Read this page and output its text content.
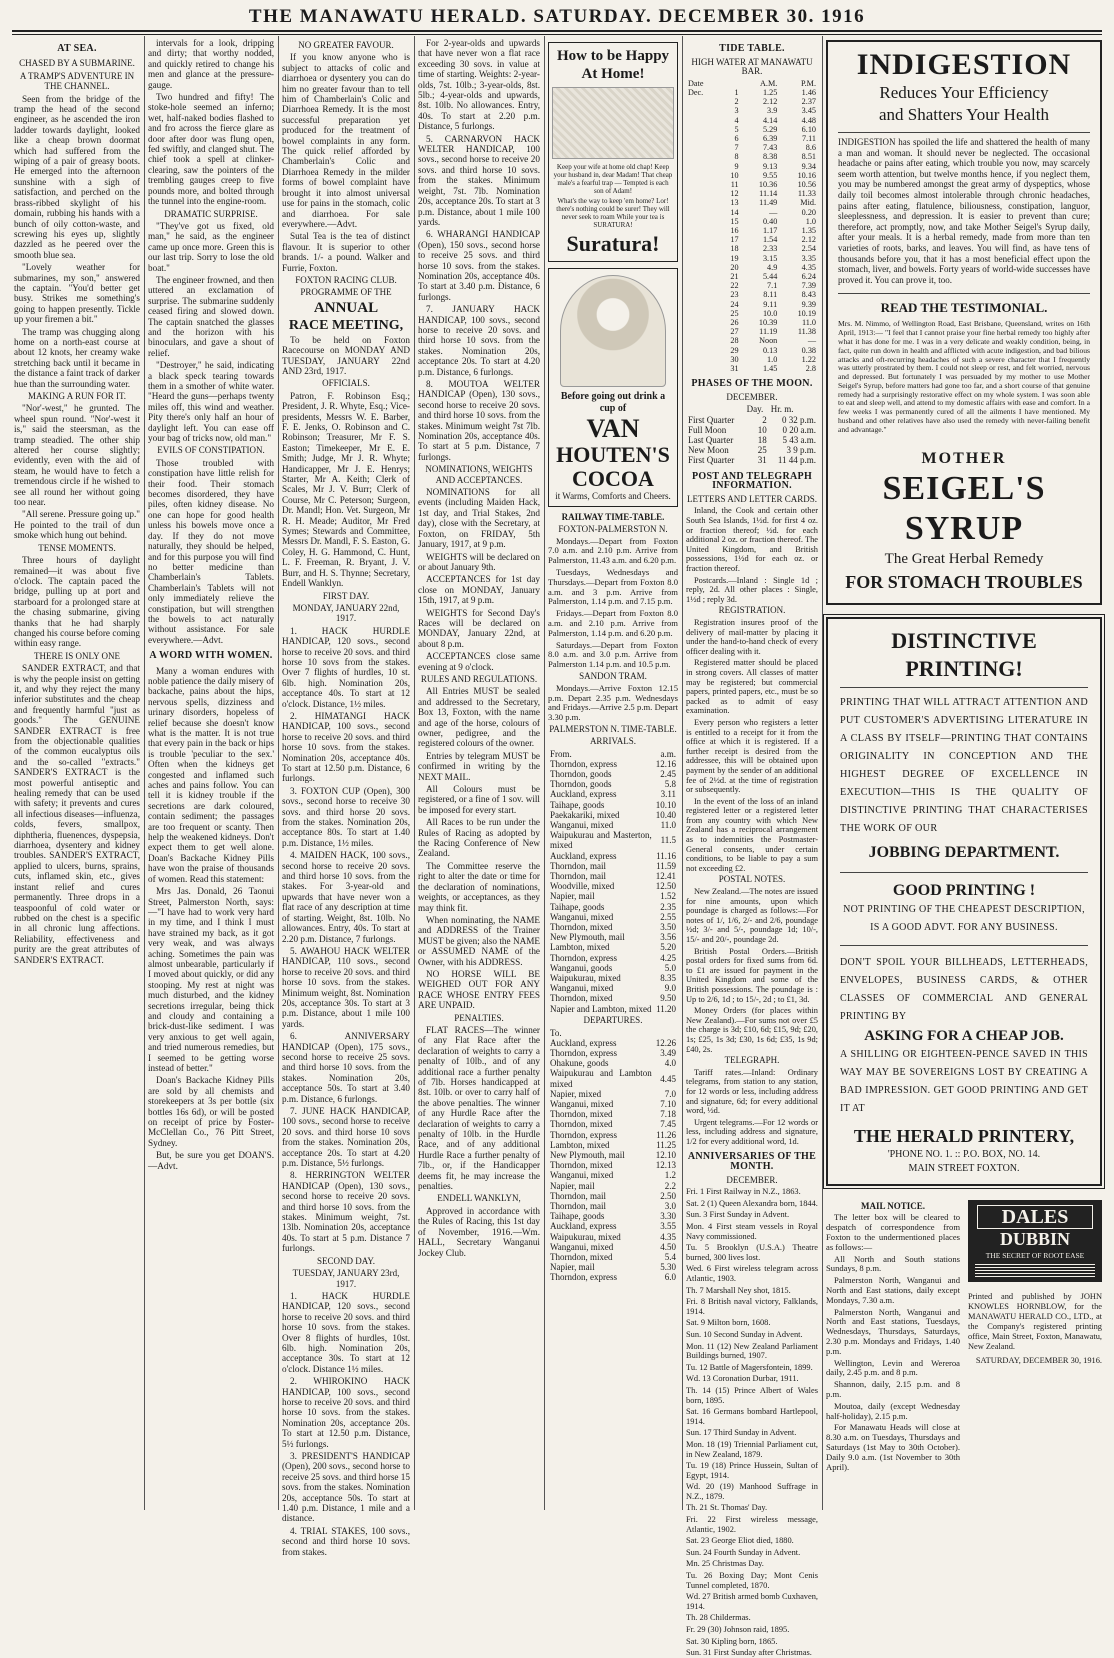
THE MANAWATU HERALD. SATURDAY. DECEMBER 30. 1916

AT SEA.

CHASED BY A SUBMARINE.

A TRAMP'S ADVENTURE IN THE CHANNEL.

Seen from the bridge of the tramp the head of the second engineer, as he ascended the iron ladder towards daylight, looked like a cheap brown doormat which had suffered from the wiping of a pair of greasy boots. He emerged into the afternoon sunshine with a sigh of satisfaction, and perched on the brass-ribbed skylight of his domain, rubbing his hands with a bunch of oily cotton-waste, and screwing his eyes up, slightly dazzled as he peered over the smooth blue sea.

"Lovely weather for submarines, my son," answered the captain. "You'd better get busy. Strikes me something's going to happen presently. Tickle up your firemen a bit."

The tramp was chugging along home on a north-east course at about 12 knots, her creamy wake stretching back until it became in the distance a faint track of darker hue than the surrounding water.

MAKING A RUN FOR IT.

"Nor'-west," he grunted. The wheel spun round. "Nor'-west it is," said the steersman, as the tramp steadied. The other ship altered her course slightly; evidently, even with the aid of steam, he would have to fetch a tremendous circle if he wished to see all round her without going too near.

"All serene. Pressure going up." He pointed to the trail of dun smoke which hung out behind.

TENSE MOMENTS.

Three hours of daylight remained—it was about five o'clock. The captain paced the bridge, pulling up at port and starboard for a prolonged stare at the chasing submarine, giving thanks that he had sharply changed his course before coming within easy range.

THERE IS ONLY ONE

SANDER EXTRACT, and that is why the people insist on getting it, and why they reject the many inferior substitutes and the cheap and frequently harmful "just as goods." The GENUINE SANDER EXTRACT is free from the objectionable qualities of the common eucalyptus oils and the so-called "extracts." SANDER'S EXTRACT is the most powerful antiseptic and healing remedy that can be used with safety; it prevents and cures all infectious diseases—influenza, colds, fevers, smallpox, diphtheria, fluenences, dyspepsia, diarrhoea, dysentery and kidney troubles. SANDER'S EXTRACT, applied to ulcers, burns, sprains, cuts, inflamed skin, etc., gives instant relief and cures permanently. Three drops in a teaspoonful of cold water or rubbed on the chest is a specific in all chronic lung affections. Reliability, effectiveness and purity are the great attributes of SANDER'S EXTRACT.

intervals for a look, dripping and dirty; that worthy nodded, and quickly retired to change his men and glance at the pressure-gauge.

Two hundred and fifty! The stoke-hole seemed an inferno; wet, half-naked bodies flashed to and fro across the fierce glare as door after door was flung open, fed swiftly, and clanged shut. The chief took a spell at clinker-clearing, saw the pointers of the trembling gauges creep to five pounds more, and bolted through the tunnel into the engine-room.

DRAMATIC SURPRISE.

"They've got us fixed, old man," he said, as the engineer came up once more. Green this is our last trip. Sorry to lose the old boat."

The engineer frowned, and then uttered an exclamation of surprise. The submarine suddenly ceased firing and slowed down. The captain snatched the glasses and the horizon with his binoculars, and gave a shout of relief.

"Destroyer," he said, indicating a black speck tearing towards them in a smother of white water. "Heard the guns—perhaps twenty miles off, this wind and weather. Pity there's only half an hour of daylight left. You can ease off your bag of tricks now, old man."

EVILS OF CONSTIPATION.

Those troubled with constipation have little relish for their food. Their stomach becomes disordered, they have piles, often kidney disease. No one can hope for good health unless his bowels move once a day. If they do not move naturally, they should be helped, and for this purpose you will find no better medicine than Chamberlain's Tablets. Chamberlain's Tablets will not only immediately relieve the constipation, but will strengthen the bowels to act naturally without assistance. For sale everywhere.—Advt.

A WORD WITH WOMEN.

Many a woman endures with noble patience the daily misery of backache, pains about the hips, nervous spells, dizziness and urinary disorders, hopeless of relief because she doesn't know what is the matter. It is not true that every pain in the back or hips is trouble 'peculiar to the sex.' Often when the kidneys get congested and inflamed such aches and pains follow. You can tell it is kidney trouble if the secretions are dark coloured, contain sediment; the passages are too frequent or scanty. Then help the weakened kidneys. Don't expect them to get well alone. Doan's Backache Kidney Pills have won the praise of thousands of women. Read this statement:

Mrs Jas. Donald, 26 Taonui Street, Palmerston North, says:—"I have had to work very hard in my time, and I think I must have strained my back, as it got very weak, and was always aching. Sometimes the pain was almost unbearable, particularly if I moved about quickly, or did any stooping. My rest at night was much disturbed, and the kidney secretions irregular, being thick and cloudy and containing a brick-dust-like sediment. I was very anxious to get well again, and tried numerous remedies, but I seemed to be getting worse instead of better."

Doan's Backache Kidney Pills are sold by all chemists and storekeepers at 3s per bottle (six bottles 16s 6d), or will be posted on receipt of price by Foster-McClellan Co., 76 Pitt Street, Sydney.

But, be sure you get DOAN'S.—Advt.

NO GREATER FAVOUR.

If you know anyone who is subject to attacks of colic and diarrhoea or dysentery you can do him no greater favour than to tell him of Chamberlain's Colic and Diarrhoea Remedy. It is the most successful preparation yet produced for the treatment of bowel complaints in any form. The quick relief afforded by Chamberlain's Colic and Diarrhoea Remedy in the milder forms of bowel complaint have brought it into almost universal use for pains in the stomach, colic and diarrhoea. For sale everywhere.—Advt.

Sutal Tea is the tea of distinct flavour. It is superior to other brands. 1/- a pound. Walker and Furrie, Foxton.

FOXTON RACING CLUB.

PROGRAMME OF THE

ANNUAL

RACE MEETING,

To be held on Foxton Racecourse on MONDAY AND TUESDAY, JANUARY 22nd AND 23rd, 1917.

OFFICIALS.

Patron, F. Robinson Esq.; President, J. R. Whyte, Esq.; Vice-presidents, Messrs W. E. Barber, F. E. Jenks, O. Robinson and C. Robinson; Treasurer, Mr F. S. Easton; Timekeeper, Mr E. E. Smith; Judge, Mr J. R. Whyte; Handicapper, Mr J. E. Henrys; Starter, Mr A. Keith; Clerk of Scales, Mr J. V. Burr; Clerk of Course, Mr C. Peterson; Surgeon, Dr. Mandl; Hon. Vet. Surgeon, Mr R. H. Meade; Auditor, Mr Fred Symes; Stewards and Committee, Messrs Dr. Mandl, F. S. Easton, G. Coley, H. G. Hammond, C. Hunt, L. F. Freeman, R. Bryant, J. V. Burr, and H. S. Thynne; Secretary, Endell Wanklyn.

FIRST DAY.

MONDAY, JANUARY 22nd, 1917.

1. HACK HURDLE HANDICAP, 120 sovs., second horse to receive 20 sovs. and third horse 10 sovs from the stakes. Over 7 flights of hurdles, 10 st. 6lb. high. Nomination 20s, acceptance 40s. To start at 12 o'clock. Distance, 1½ miles.

2. HIMATANGI HACK HANDICAP, 100 sovs., second horse to receive 20 sovs. and third horse 10 sovs. from the stakes. Nomination 20s, acceptance 40s. To start at 12.50 p.m. Distance, 6 furlongs.

3. FOXTON CUP (Open), 300 sovs., second horse to receive 30 sovs. and third horse 20 sovs. from the stakes. Nomination 20s, acceptance 80s. To start at 1.40 p.m. Distance, 1½ miles.

4. MAIDEN HACK, 100 sovs., second horse to receive 20 sovs. and third horse 10 sovs. from the stakes. For 3-year-old and upwards that have never won a flat race of any description at time of starting. Weight, 8st. 10lb. No allowances. Entry, 40s. To start at 2.20 p.m. Distance, 7 furlongs.

5. AWAHOU HACK WELTER HANDICAP, 110 sovs., second horse to receive 20 sovs. and third horse 10 sovs. from the stakes. Minimum weight, 8st. Nomination 20s, acceptance 30s. To start at 3 p.m. Distance, about 1 mile 100 yards.

6. ANNIVERSARY HANDICAP (Open), 175 sovs., second horse to receive 25 sovs. and third horse 10 sovs. from the stakes. Nomination 20s, acceptance 50s. To start at 3.40 p.m. Distance, 6 furlongs.

7. JUNE HACK HANDICAP, 100 sovs., second horse to receive 20 sovs. and third horse 10 sovs from the stakes. Nomination 20s, acceptance 20s. To start at 4.20 p.m. Distance, 5½ furlongs.

8. HERRINGTON WELTER HANDICAP (Open), 130 sovs., second horse to receive 20 sovs. and third horse 10 sovs. from the stakes. Minimum weight, 7st. 13lb. Nomination 20s, acceptance 40s. To start at 5 p.m. Distance 7 furlongs.

SECOND DAY.

TUESDAY, JANUARY 23rd, 1917.

1. HACK HURDLE HANDICAP, 120 sovs., second horse to receive 20 sovs. and third horse 10 sovs. from the stakes. Over 8 flights of hurdles, 10st. 6lb. high. Nomination 20s, acceptance 30s. To start at 12 o'clock. Distance 1½ miles.

2. WHIROKINO HACK HANDICAP, 100 sovs., second horse to receive 20 sovs. and third horse 10 sovs. from the stakes. Nomination 20s, acceptance 20s. To start at 12.50 p.m. Distance, 5½ furlongs.

3. PRESIDENT'S HANDICAP (Open), 200 sovs., second horse to receive 25 sovs. and third horse 15 sovs. from the stakes. Nomination 20s, acceptance 50s. To start at 1.40 p.m. Distance, 1 mile and a distance.

4. TRIAL STAKES, 100 sovs., second and third horse 10 sovs. from stakes.

For 2-year-olds and upwards that have never won a flat race exceeding 30 sovs. in value at time of starting. Weights: 2-year-olds, 7st. 10lb.; 3-year-olds, 8st. 5lb.; 4-year-olds and upwards, 8st. 10lb. No allowances. Entry, 40s. To start at 2.20 p.m. Distance, 5 furlongs.

5. CARNARVON HACK WELTER HANDICAP, 100 sovs., second horse to receive 20 sovs. and third horse 10 sovs. from the stakes. Minimum weight, 7st. 7lb. Nomination 20s, acceptance 20s. To start at 3 p.m. Distance, about 1 mile 100 yards.

6. WHARANGI HANDICAP (Open), 150 sovs., second horse to receive 25 sovs. and third horse 10 sovs. from the stakes. Nomination 20s, acceptance 40s. To start at 3.40 p.m. Distance, 6 furlongs.

7. JANUARY HACK HANDICAP, 100 sovs., second horse to receive 20 sovs. and third horse 10 sovs. from the stakes. Nomination 20s, acceptance 20s. To start at 4.20 p.m. Distance, 6 furlongs.

8. MOUTOA WELTER HANDICAP (Open), 130 sovs., second horse to receive 20 sovs. and third horse 10 sovs. from the stakes. Minimum weight 7st 7lb. Nomination 20s, acceptance 40s. To start at 5 p.m. Distance, 7 furlongs.

NOMINATIONS, WEIGHTS AND ACCEPTANCES.

NOMINATIONS for all events (including Maiden Hack, 1st day, and Trial Stakes, 2nd day), close with the Secretary, at Foxton, on FRIDAY, 5th January, 1917, at 9 p.m.

WEIGHTS will be declared on or about January 9th.

ACCEPTANCES for 1st day close on MONDAY, January 15th, 1917, at 9 p.m.

WEIGHTS for Second Day's Races will be declared on MONDAY, January 22nd, at about 8 p.m.

ACCEPTANCES close same evening at 9 o'clock.

RULES AND REGULATIONS.

All Entries MUST be sealed and addressed to the Secretary, Box 13, Foxton, with the name and age of the horse, colours of owner, pedigree, and the registered colours of the owner.

Entries by telegram MUST be confirmed in writing by the NEXT MAIL.

All Colours must be registered, or a fine of 1 sov. will be imposed for every start.

All Races to be run under the Rules of Racing as adopted by the Racing Conference of New Zealand.

The Committee reserve the right to alter the date or time for the declaration of nominations, weights, or acceptances, as they may think fit.

When nominating, the NAME and ADDRESS of the Trainer MUST be given; also the NAME or ASSUMED NAME of the Owner, with his ADDRESS.

NO HORSE WILL BE WEIGHED OUT FOR ANY RACE WHOSE ENTRY FEES ARE UNPAID.

PENALTIES.

FLAT RACES—The winner of any Flat Race after the declaration of weights to carry a penalty of 10lb., and of any additional race a further penalty of 7lb. Horses handicapped at 8st. 10lb. or over to carry half of the above penalties. The winner of any Hurdle Race after the declaration of weights to carry a penalty of 10lb. in the Hurdle Race, and of any additional Hurdle Race a further penalty of 7lb., or, if the Handicapper deems fit, he may increase the penalties.

ENDELL WANKLYN,

Approved in accordance with the Rules of Racing, this 1st day of November, 1916.—Wm. HALL, Secretary Wanganui Jockey Club.

How to be Happy At Home!
Keep your wife at home old chap! Keep your husband in, dear Madam! That cheap male's a fearful trap — Tempted is each son of Adam!
What's the way to keep 'em home? Lor! there's nothing could be surer! They will never seek to roam While your tea is SURATURA!
Suratura!
Before going out drink a cup of
VAN
HOUTEN'S
COCOA
it Warms, Comforts and Cheers.

RAILWAY TIME-TABLE.

FOXTON-PALMERSTON N.

Mondays.—Depart from Foxton 7.0 a.m. and 2.10 p.m. Arrive from Palmerston, 11.43 a.m. and 6.20 p.m.

Tuesdays, Wednesdays and Thursdays.—Depart from Foxton 8.0 a.m. and 3 p.m. Arrive from Palmerston, 1.14 p.m. and 7.15 p.m.

Fridays.—Depart from Foxton 8.0 a.m. and 2.10 p.m. Arrive from Palmerston, 1.14 p.m. and 6.20 p.m.

Saturdays.—Depart from Foxton 8.0 a.m. and 3.0 p.m. Arrive from Palmerston 1.14 p.m. and 10.5 p.m.

SANDON TRAM.

Mondays.—Arrive Foxton 12.15 p.m. Depart 2.35 p.m. Wednesdays and Fridays.—Arrive 2.5 p.m. Depart 3.30 p.m.

PALMERSTON N. TIME-TABLE.

ARRIVALS.

From.	a.m.
Thorndon, express	12.16
Thorndon, goods	2.45
Thorndon, goods	5.8
Auckland, express	3.11
Taihape, goods	10.10
Paekakariki, mixed	10.40
Wanganui, mixed	11.0
Waipukurau and Masterton, mixed	11.5
Auckland, express	11.16
Thorndon, mail	11.59
Thorndon, mail	12.41
Woodville, mixed	12.50
Napier, mail	1.52
Taihape, goods	2.35
Wanganui, mixed	2.55
Thorndon, mixed	3.50
New Plymouth, mail	3.56
Lambton, mixed	5.20
Thorndon, express	4.25
Wanganui, goods	5.0
Waipukurau, mixed	8.35
Wanganui, mixed	9.0
Thorndon, mixed	9.50
Napier and Lambton, mixed	11.20

DEPARTURES.

To.	
Auckland, express	12.26
Thorndon, express	3.49
Ohakune, goods	4.0
Waipukurau and Lambton mixed	4.45
Napier, mixed	7.0
Wanganui, mixed	7.10
Thorndon, mixed	7.18
Thorndon, mixed	7.45
Thorndon, express	11.26
Lambton, mixed	11.25
New Plymouth, mail	12.10
Thorndon, mixed	12.13
Wanganui, mixed	1.2
Napier, mail	2.2
Thorndon, mail	2.50
Thorndon, mail	3.0
Taihape, goods	3.30
Auckland, express	3.55
Waipukurau, mixed	4.35
Wanganui, mixed	4.50
Thorndon, mixed	5.4
Napier, mail	5.30
Thorndon, express	6.0

TIDE TABLE.

HIGH WATER AT MANAWATU BAR.

Date		A.M.	P.M.
Dec.	1	1.25	1.46
	2	2.12	2.37
	3	3.9	3.45
	4	4.14	4.48
	5	5.29	6.10
	6	6.39	7.11
	7	7.43	8.6
	8	8.38	8.51
	9	9.13	9.34
	10	9.55	10.16
	11	10.36	10.56
	12	11.14	11.33
	13	11.49	Mid.
	14	—	0.20
	15	0.40	1.0
	16	1.17	1.35
	17	1.54	2.12
	18	2.33	2.54
	19	3.15	3.35
	20	4.9	4.35
	21	5.44	6.24
	22	7.1	7.39
	23	8.11	8.43
	24	9.11	9.39
	25	10.0	10.19
	26	10.39	11.0
	27	11.19	11.38
	28	Noon	—
	29	0.13	0.38
	30	1.0	1.22
	31	1.45	2.8

PHASES OF THE MOON.

DECEMBER.

	Day.	Hr. m.
First Quarter	2	0 32 p.m.
Full Moon	10	0 20 a.m.
Last Quarter	18	5 43 a.m.
New Moon	25	3 9 p.m.
First Quarter	31	11 44 p.m.

POST AND TELEGRAPH INFORMATION.

LETTERS AND LETTER CARDS.

Inland, the Cook and certain other South Sea Islands, 1½d. for first 4 oz. or fraction thereof; ½d. for each additional 2 oz. or fraction thereof. The United Kingdom, and British possessions, 1½d for each oz. or fraction thereof.

Postcards.—Inland : Single 1d ; reply, 2d. All other places : Single, 1½d ; reply 3d.

REGISTRATION.

Registration insures proof of the delivery of mail-matter by placing it under the hand-to-hand check of every officer dealing with it.

Registered matter should be placed in strong covers. All classes of matter may be registered; but commercial papers, printed papers, etc., must be so packed as to admit of easy examination.

Every person who registers a letter is entitled to a receipt for it from the office at which it is registered. If a further receipt is desired from the addressee, this will be obtained upon payment by the sender of an additional fee of 2½d. at the time of registration or subsequently.

In the event of the loss of an inland registered letter or a registered letter from any country with which New Zealand has a reciprocal arrangement as to indemnities the Postmaster-General consents, under certain conditions, to be liable to pay a sum not exceeding £2.

POSTAL NOTES.

New Zealand.—The notes are issued for nine amounts, upon which poundage is charged as follows:—For notes of 1/, 1/6, 2/- and 2/6, poundage ½d; 3/- and 5/-, poundage 1d; 10/-, 15/- and 20/-, poundage 2d.

British Postal Orders.—British postal orders for fixed sums from 6d. to £1 are issued for payment in the United Kingdom and some of the British possessions. The poundage is : Up to 2/6, 1d ; to 15/-, 2d ; to £1, 3d.

Money Orders (for places within New Zealand).—For sums not over £5 the charge is 3d; £10, 6d; £15, 9d; £20, 1s; £25, 1s 3d; £30, 1s 6d; £35, 1s 9d; £40, 2s.

TELEGRAPH.

Tariff rates.—Inland: Ordinary telegrams, from station to any station, for 12 words or less, including address and signature, 6d; for every additional word, ½d.

Urgent telegrams.—For 12 words or less, including address and signature, 1/2 for every additional word, 1d.

ANNIVERSARIES OF THE MONTH.

DECEMBER.

Fri. 1 First Railway in N.Z., 1863.

Sat. 2 (1) Queen Alexandra born, 1844.

Sun. 3 First Sunday in Advent.

Mon. 4 First steam vessels in Royal Navy commissioned.

Tu. 5 Brooklyn (U.S.A.) Theatre burned, 300 lives lost.

Wed. 6 First wireless telegram across Atlantic, 1903.

Th. 7 Marshall Ney shot, 1815.

Fri. 8 British naval victory, Falklands, 1914.

Sat. 9 Milton born, 1608.

Sun. 10 Second Sunday in Advent.

Mon. 11 (12) New Zealand Parliament Buildings burned, 1907.

Tu. 12 Battle of Magersfontein, 1899.

Wd. 13 Coronation Durbar, 1911.

Th. 14 (15) Prince Albert of Wales born, 1895.

Sat. 16 Germans bombard Hartlepool, 1914.

Sun. 17 Third Sunday in Advent.

Mon. 18 (19) Triennial Parliament cut, in New Zealand, 1879.

Tu. 19 (18) Prince Hussein, Sultan of Egypt, 1914.

Wd. 20 (19) Manhood Suffrage in N.Z., 1879.

Th. 21 St. Thomas' Day.

Fri. 22 First wireless message, Atlantic, 1902.

Sat. 23 George Eliot died, 1880.

Sun. 24 Fourth Sunday in Advent.

Mn. 25 Christmas Day.

Tu. 26 Boxing Day; Mont Cenis Tunnel completed, 1870.

Wd. 27 British armed bomb Cuxhaven, 1914.

Th. 28 Childermas.

Fr. 29 (30) Johnson raid, 1895.

Sat. 30 Kipling born, 1865.

Sun. 31 First Sunday after Christmas.

INDIGESTION
Reduces Your Efficiency
and Shatters Your Health
INDIGESTION has spoiled the life and shattered the health of many a man and woman. It should never be neglected. The occasional headache or pains after eating, which trouble you now, may scarcely seem worth attention, but twelve months hence, if you neglect them, you may be numbered amongst the great army of dyspeptics, whose daily toil becomes almost intolerable through chronic headaches, pains after eating, flatulence, biliousness, constipation, languor, sleeplessness, and depression. It is easier to prevent than cure; therefore, act promptly, now, and take Mother Seigel's Syrup daily, after your meals. It is a herbal remedy, made from more than ten varieties of roots, barks, and leaves. You will find, as have tens of thousands before you, that it has a most beneficial effect upon the stomach, liver, and bowels. Forty years of world-wide successes have proved it. You can prove it, too.
READ THE TESTIMONIAL.
Mrs. M. Nimmo, of Wellington Road, East Brisbane, Queensland, writes on 16th April, 1913:— "I feel that I cannot praise your fine herbal remedy too highly after what it has done for me. I was in a very delicate and weakly condition, being, in fact, quite run down in health and afflicted with acute indigestion, and bad bilious attacks and oft-recurring headaches of such a severe character that I frequently was utterly prostrated by them. I could not sleep or rest, and felt worried, nervous and depressed. But fortunately I was persuaded by my mother to use Mother Seigel's Syrup, before matters had gone too far, and a short course of that genuine remedy had a surprisingly restorative effect on my whole system. I was soon able to eat and sleep well, and attend to my domestic affairs with ease and comfort. In a few weeks I was permanently cured of all the ailments I have mentioned. My husband and other relatives have also used the remedy with never-failing benefit and advantage."
MOTHER
SEIGEL'S SYRUP
The Great Herbal Remedy
FOR STOMACH TROUBLES
DISTINCTIVE PRINTING!
PRINTING THAT WILL ATTRACT ATTENTION AND PUT CUSTOMER'S ADVERTISING LITERATURE IN A CLASS BY ITSELF—PRINTING THAT CONTAINS ORIGINALITY IN CONCEPTION AND THE HIGHEST DEGREE OF EXCELLENCE IN EXECUTION—THIS IS THE QUALITY OF DISTINCTIVE PRINTING THAT CHARACTERISES THE WORK OF OUR
JOBBING DEPARTMENT.
GOOD PRINTING !
NOT PRINTING OF THE CHEAPEST DESCRIPTION, IS A GOOD ADVT. FOR ANY BUSINESS.
DON'T SPOIL YOUR BILLHEADS, LETTERHEADS, ENVELOPES, BUSINESS CARDS, & OTHER CLASSES OF COMMERCIAL AND GENERAL PRINTING BY
ASKING FOR A CHEAP JOB.
A SHILLING OR EIGHTEEN-PENCE SAVED IN THIS WAY MAY BE SOVEREIGNS LOST BY CREATING A BAD IMPRESSION. GET GOOD PRINTING AND GET IT AT
THE HERALD PRINTERY,
'PHONE NO. 1. :: P.O. BOX, NO. 14.
MAIN STREET FOXTON.
MAIL NOTICE.

The letter box will be cleared to despatch of correspondence from Foxton to the undermentioned places as follows:—

All North and South stations Sundays, 8 p.m.

Palmerston North, Wanganui and North and East stations, daily except Mondays, 7.30 a.m.

Palmerston North, Wanganui and North and East stations, Tuesdays, Wednesdays, Thursdays, Saturdays, 2.30 p.m. Mondays and Fridays, 1.40 p.m.

Wellington, Levin and Wereroa daily, 2.45 p.m. and 8 p.m.

Shannon, daily, 2.15 p.m. and 8 p.m.

Moutoa, daily (except Wednesday half-holiday), 2.15 p.m.

For Manawatu Heads will close at 8.30 a.m. on Tuesdays, Thursdays and Saturdays (1st May to 30th October). Daily 9.0 a.m. (1st November to 30th April).

DALES
DUBBIN
THE SECRET OF ROOT EASE
Printed and published by JOHN KNOWLES HORNBLOW, for the MANAWATU HERALD CO., LTD., at the Company's registered printing office, Main Street, Foxton, Manawatu, New Zealand.
SATURDAY, DECEMBER 30, 1916.
